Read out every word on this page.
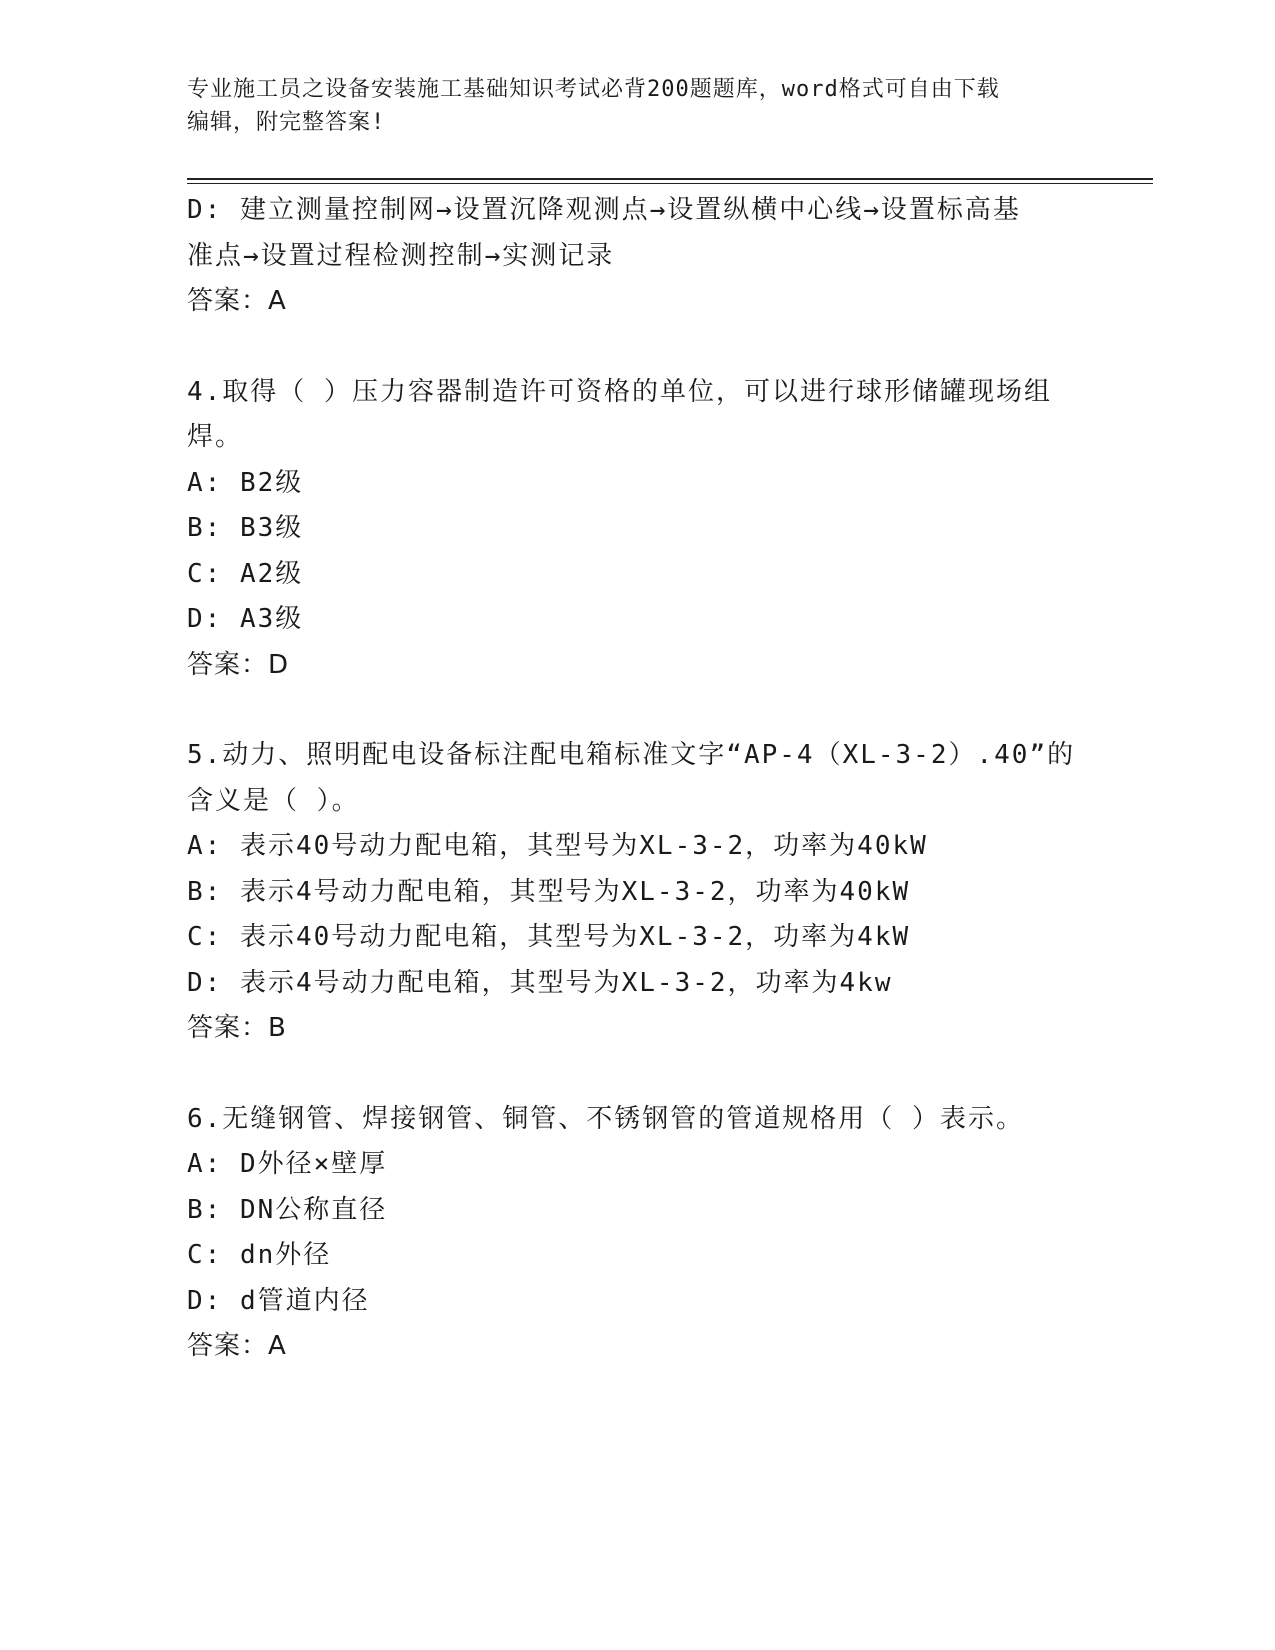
专业施工员之设备安装施工基础知识考试必背200题题库，word格式可自由下载
编辑，附完整答案!
D: 建立测量控制网→设置沉降观测点→设置纵横中心线→设置标高基
准点→设置过程检测控制→实测记录
答案：A
4.取得（ ）压力容器制造许可资格的单位，可以进行球形储罐现场组
焊。
A: B2级
B: B3级
C: A2级
D: A3级
答案：D
5.动力、照明配电设备标注配电箱标准文字“AP-4（XL-3-2）.40”的
含义是（ ）。
A: 表示40号动力配电箱，其型号为XL-3-2，功率为40kW
B: 表示4号动力配电箱，其型号为XL-3-2，功率为40kW
C: 表示40号动力配电箱，其型号为XL-3-2，功率为4kW
D: 表示4号动力配电箱，其型号为XL-3-2，功率为4kw
答案：B
6.无缝钢管、焊接钢管、铜管、不锈钢管的管道规格用（ ）表示。
A: D外径×壁厚
B: DN公称直径
C: dn外径
D: d管道内径
答案：A
